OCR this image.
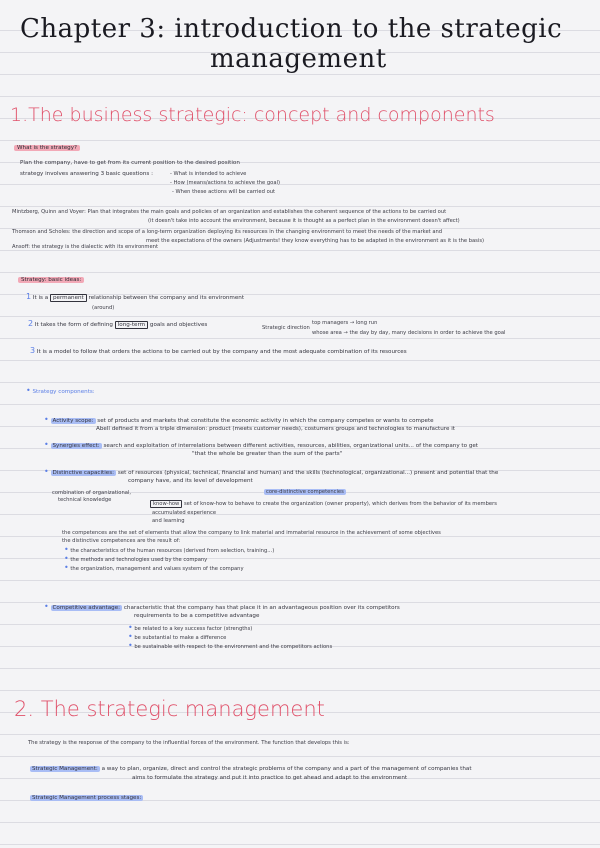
Chapter 3: introduction to the strategic
management
1.The business strategic: concept and components
What is the strategy?
Plan the company, have to get from its current position to the desired position
strategy involves answering 3 basic questions :	- What is intended to achieve
- How (means/actions to achieve the goal)
- When these actions will be carried out
Mintzberg, Quinn and Voyer: Plan that integrates the main goals and policies of an organization and establishes the coherent sequence of the actions to be carried out
(it doesn't take into account the environment, because it is thought as a perfect plan in the environment doesn't affect)
Thomson and Scholes: the direction and scope of a long-term organization deploying its resources in the changing environment to meet the needs of the market and
meet the expectations of the owners (Adjustments! they know everything has to be adapted in the environment as it is the basis)
Ansoff: the strategy is the dialectic with its environment
Strategy: basic ideas:
1 It is a permanent relationship between the company and its environment
(around)
2 It takes the form of defining long-term goals and objectives	Strategic direction
top managers → long run
whose area → the day by day, many decisions in order to achieve the goal
3 It is a model to follow that orders the actions to be carried out by the company and the most adequate combination of its resources
• Strategy components:
• Activity scope: set of products and markets that constitute the economic activity in which the company competes or wants to compete
Abell defined it from a triple dimension: product (meets customer needs), costumers groups and technologies to manufacture it
• Synergies effect: search and exploitation of interrelations between different activities, resources, abilities, organizational units... of the company to get
"that the whole be greater than the sum of the parts"
• Distinctive capacities: set of resources (physical, technical, financial and human) and the skills (technological, organizational...) present and potential that the
company have, and its level of development
combination of organizational,
technical knowledge
core-distinctive competencies
know-how set of know-how to behave to create the organization (owner property), which derives from the behavior of its members
accumulated experience
and learning
the competences are the set of elements that allow the company to link material and immaterial resource in the achievement of some objectives
the distinctive competences are the result of:
• the characteristics of the human resources (derived from selection, training...)
• the methods and technologies used by the company
• the organization, management and values system of the company
• Competitive advantage: characteristic that the company has that place it in an advantageous position over its competitors
requirements to be a competitive advantage
• be related to a key success factor (strengths)
• be substantial to make a difference
• be sustainable with respect to the environment and the competitors actions
2. The strategic management
The strategy is the response of the company to the influential forces of the environment. The function that develops this is:
Strategic Management: a way to plan, organize, direct and control the strategic problems of the company and a part of the management of companies that
aims to formulate the strategy and put it into practice to get ahead and adapt to the environment
Strategic Management process stages:
